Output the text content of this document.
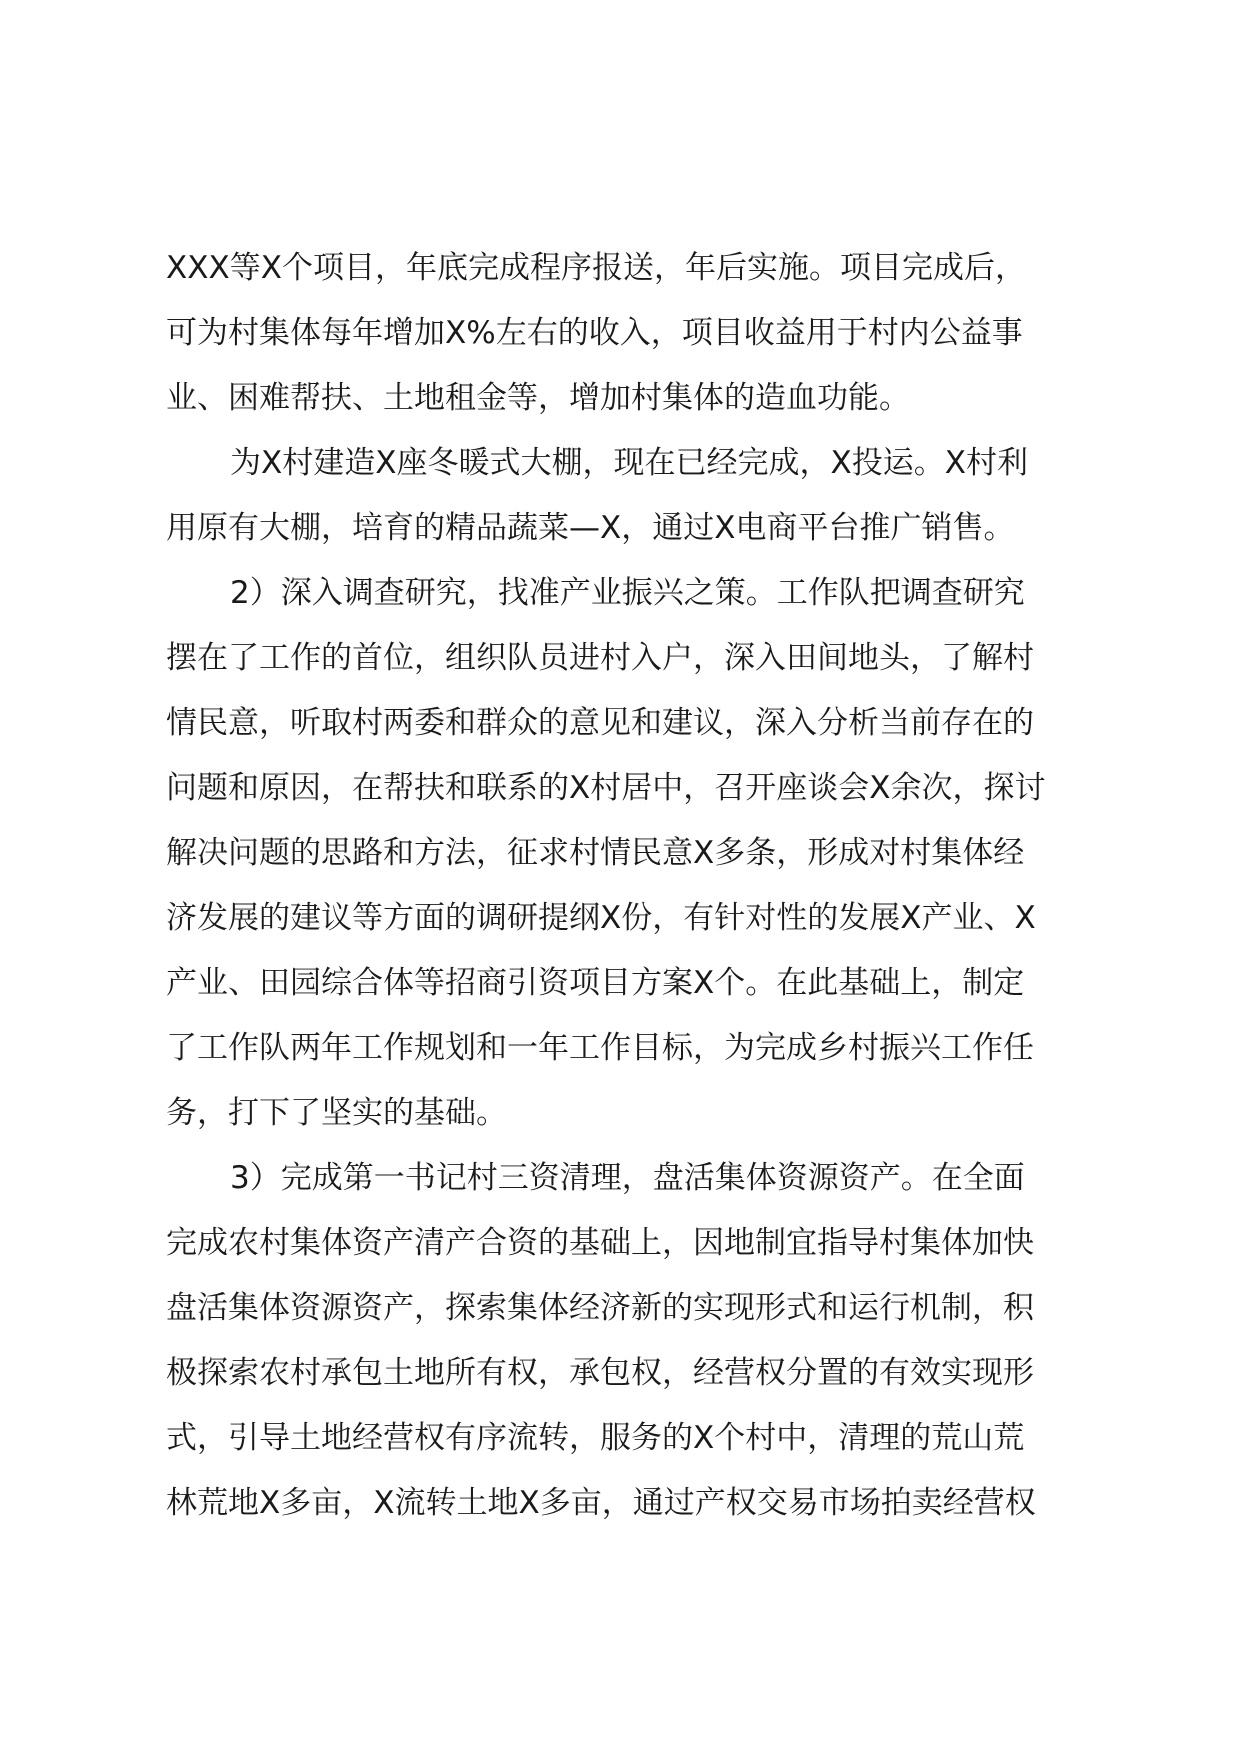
XXX等X个项目，年底完成程序报送，年后实施。项目完成后，
可为村集体每年增加X%左右的收入，项目收益用于村内公益事
业、困难帮扶、土地租金等，增加村集体的造血功能。
为X村建造X座冬暖式大棚，现在已经完成，X投运。X村利
用原有大棚，培育的精品蔬菜—X，通过X电商平台推广销售。
2）深入调查研究，找准产业振兴之策。工作队把调查研究
摆在了工作的首位，组织队员进村入户，深入田间地头，了解村
情民意，听取村两委和群众的意见和建议，深入分析当前存在的
问题和原因，在帮扶和联系的X村居中，召开座谈会X余次，探讨
解决问题的思路和方法，征求村情民意X多条，形成对村集体经
济发展的建议等方面的调研提纲X份，有针对性的发展X产业、X
产业、田园综合体等招商引资项目方案X个。在此基础上，制定
了工作队两年工作规划和一年工作目标，为完成乡村振兴工作任
务，打下了坚实的基础。
3）完成第一书记村三资清理，盘活集体资源资产。在全面
完成农村集体资产清产合资的基础上，因地制宜指导村集体加快
盘活集体资源资产，探索集体经济新的实现形式和运行机制，积
极探索农村承包土地所有权，承包权，经营权分置的有效实现形
式，引导土地经营权有序流转，服务的X个村中，清理的荒山荒
林荒地X多亩，X流转土地X多亩，通过产权交易市场拍卖经营权
